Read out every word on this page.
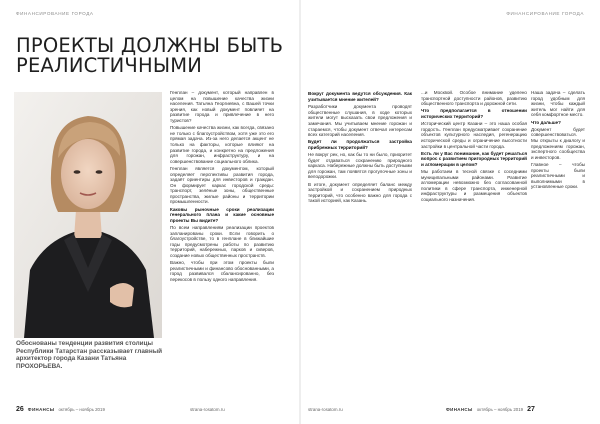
ФИНАНСИРОВАНИЕ ГОРОДА
ПРОЕКТЫ ДОЛЖНЫ БЫТЬ РЕАЛИСТИЧНЫМИ
Обоснованы тенденции развития столицы Республики Татарстан рассказывает главный архитектор города Казани Татьяна ПРОХОРЬЕВА.

Генплан – документ, который направлен в целом на повышение качества жизни населения. Татьяна Георгиевна, с Вашей точки зрения, как новый документ повлияет на развитие города и привлечение в него туристов?

Повышение качества жизни, как всегда, связано не только с благоустройством, хотя уже это его прямая задача. Из-за него делается акцент не только на факторы, которые влияют на развитие города, и конкретно на предложения для горожан, инфраструктуру, и на совершенствование социального облика.

Генплан является документом, который определяет перспективы развития города, задаёт ориентиры для инвесторов и граждан. Он формирует каркас городской среды: транспорт, зелёные зоны, общественные пространства, жилые районы и территории промышленности.

Каковы рыночные сроки реализации генерального плана и какие основные проекты Вы видите?

По всем направлениям реализации проектов запланированы сроки. Если говорить о благоустройстве, то в генплане в ближайшие годы предусмотрены работы по развитию территорий, набережных, парков и скверов, создание новых общественных пространств.

Важно, чтобы при этом проекты были реалистичными и финансово обоснованными, а город развивался сбалансированно, без перекосов в пользу одного направления.

26 ФИНАНСЫ октябрь – ноябрь 2019	strana-rosatom.ru
ФИНАНСИРОВАНИЕ ГОРОДА

Вокруг документа ведутся обсуждения. Как учитывается мнение жителей?

Разработчики документа проводят общественные слушания, в ходе которых жители могут высказать свои предложения и замечания. Мы учитываем мнение горожан и стараемся, чтобы документ отвечал интересам всех категорий населения.

Будет ли продолжаться застройка прибрежных территорий?

Не вокруг рек, но, как бы то ни было, приоритет будет отдаваться сохранению природного каркаса. Набережные должны быть доступными для горожан, там появятся прогулочные зоны и велодорожки.

В итоге, документ определяет баланс между застройкой и сохранением природных территорий, что особенно важно для города с такой историей, как Казань.

...и Москвой. Особое внимание уделено транспортной доступности районов, развитию общественного транспорта и дорожной сети.

Что предполагается в отношении исторических территорий?

Исторический центр Казани – это наша особая гордость. Генплан предусматривает сохранение объектов культурного наследия, регенерацию исторической среды и ограничение высотности застройки в центральной части города.

Есть ли у Вас понимание, как будет решаться вопрос с развитием пригородных территорий и агломерации в целом?

Мы работаем в тесной связке с соседними муниципальными районами. Развитие агломерации невозможно без согласованной политики в сфере транспорта, инженерной инфраструктуры и размещения объектов социального назначения.

Наша задача – сделать город удобным для жизни, чтобы каждый житель мог найти для себя комфортное место.

Что дальше?

Документ будет совершенствоваться. Мы открыты к диалогу и предложениям горожан, экспертного сообщества и инвесторов.

Главное – чтобы проекты были реалистичными и выполнимыми в установленные сроки.

strana-rosatom.ru	ФИНАНСЫ октябрь – ноябрь 2019 27
